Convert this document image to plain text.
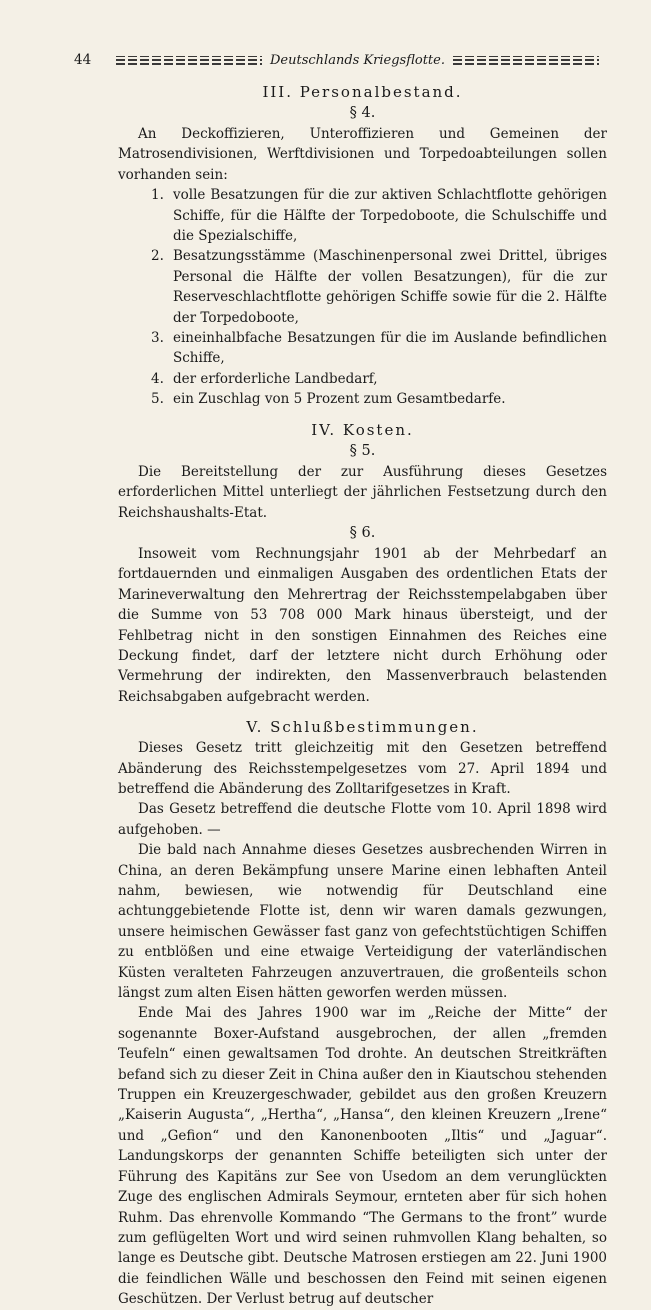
44	Deutschlands Kriegsflotte.
III. Personalbestand.
§ 4.

An Deckoffizieren, Unteroffizieren und Gemeinen der Matrosendivisionen, Werftdivisionen und Torpedoabteilungen sollen vorhanden sein:

1. volle Besatzungen für die zur aktiven Schlachtflotte gehörigen Schiffe, für die Hälfte der Torpedoboote, die Schulschiffe und die Spezialschiffe,
2. Besatzungsstämme (Maschinenpersonal zwei Drittel, übriges Personal die Hälfte der vollen Besatzungen), für die zur Reserveschlachtflotte gehörigen Schiffe sowie für die 2. Hälfte der Torpedoboote,
3. eineinhalbfache Besatzungen für die im Auslande befindlichen Schiffe,
4. der erforderliche Landbedarf,
5. ein Zuschlag von 5 Prozent zum Gesamtbedarfe.
IV. Kosten.
§ 5.

Die Bereitstellung der zur Ausführung dieses Gesetzes erforderlichen Mittel unterliegt der jährlichen Festsetzung durch den Reichshaushalts-Etat.

§ 6.

Insoweit vom Rechnungsjahr 1901 ab der Mehrbedarf an fortdauernden und einmaligen Ausgaben des ordentlichen Etats der Marineverwaltung den Mehrertrag der Reichsstempelabgaben über die Summe von 53 708 000 Mark hinaus übersteigt, und der Fehlbetrag nicht in den sonstigen Einnahmen des Reiches eine Deckung findet, darf der letztere nicht durch Erhöhung oder Vermehrung der indirekten, den Massenverbrauch belastenden Reichsabgaben aufgebracht werden.

V. Schlußbestimmungen.

Dieses Gesetz tritt gleichzeitig mit den Gesetzen betreffend Abänderung des Reichsstempelgesetzes vom 27. April 1894 und betreffend die Abänderung des Zolltarifgesetzes in Kraft.

Das Gesetz betreffend die deutsche Flotte vom 10. April 1898 wird aufgehoben. —

Die bald nach Annahme dieses Gesetzes ausbrechenden Wirren in China, an deren Bekämpfung unsere Marine einen lebhaften Anteil nahm, bewiesen, wie notwendig für Deutschland eine achtunggebietende Flotte ist, denn wir waren damals gezwungen, unsere heimischen Gewässer fast ganz von gefechtstüchtigen Schiffen zu entblößen und eine etwaige Verteidigung der vaterländischen Küsten veralteten Fahrzeugen anzuvertrauen, die großenteils schon längst zum alten Eisen hätten geworfen werden müssen.

Ende Mai des Jahres 1900 war im „Reiche der Mitte“ der sogenannte Boxer-Aufstand ausgebrochen, der allen „fremden Teufeln“ einen gewaltsamen Tod drohte. An deutschen Streitkräften befand sich zu dieser Zeit in China außer den in Kiautschou stehenden Truppen ein Kreuzergeschwader, gebildet aus den großen Kreuzern „Kaiserin Augusta“, „Hertha“, „Hansa“, den kleinen Kreuzern „Irene“ und „Gefion“ und den Kanonenbooten „Iltis“ und „Jaguar“. Landungskorps der genannten Schiffe beteiligten sich unter der Führung des Kapitäns zur See von Usedom an dem verunglückten Zuge des englischen Admirals Seymour, ernteten aber für sich hohen Ruhm. Das ehrenvolle Kommando “The Germans to the front” wurde zum geflügelten Wort und wird seinen ruhmvollen Klang behalten, so lange es Deutsche gibt. Deutsche Matrosen erstiegen am 22. Juni 1900 die feindlichen Wälle und beschossen den Feind mit seinen eigenen Geschützen. Der Verlust betrug auf deutscher
